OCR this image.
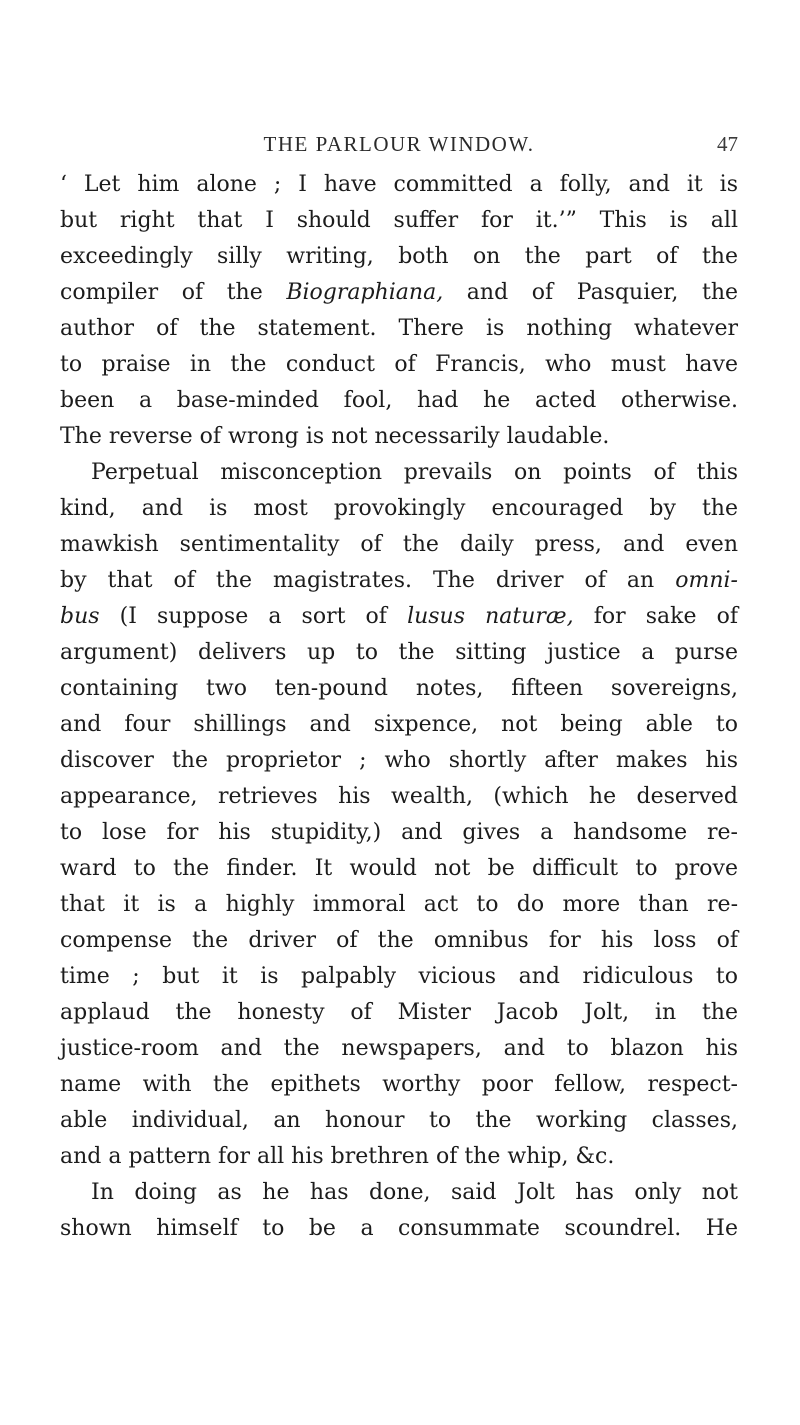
THE PARLOUR WINDOW.	47
‘ Let him alone ; I have committed a folly, and it is
but right that I should suffer for it.’” This is all
exceedingly silly writing, both on the part of the
compiler of the Biographiana, and of Pasquier, the
author of the statement. There is nothing whatever
to praise in the conduct of Francis, who must have
been a base-minded fool, had he acted otherwise.
The reverse of wrong is not necessarily laudable.
Perpetual misconception prevails on points of this
kind, and is most provokingly encouraged by the
mawkish sentimentality of the daily press, and even
by that of the magistrates. The driver of an omni-
bus (I suppose a sort of lusus naturæ, for sake of
argument) delivers up to the sitting justice a purse
containing two ten-pound notes, fifteen sovereigns,
and four shillings and sixpence, not being able to
discover the proprietor ; who shortly after makes his
appearance, retrieves his wealth, (which he deserved
to lose for his stupidity,) and gives a handsome re-
ward to the finder. It would not be difficult to prove
that it is a highly immoral act to do more than re-
compense the driver of the omnibus for his loss of
time ; but it is palpably vicious and ridiculous to
applaud the honesty of Mister Jacob Jolt, in the
justice-room and the newspapers, and to blazon his
name with the epithets worthy poor fellow, respect-
able individual, an honour to the working classes,
and a pattern for all his brethren of the whip, &c.
In doing as he has done, said Jolt has only not
shown himself to be a consummate scoundrel. He
